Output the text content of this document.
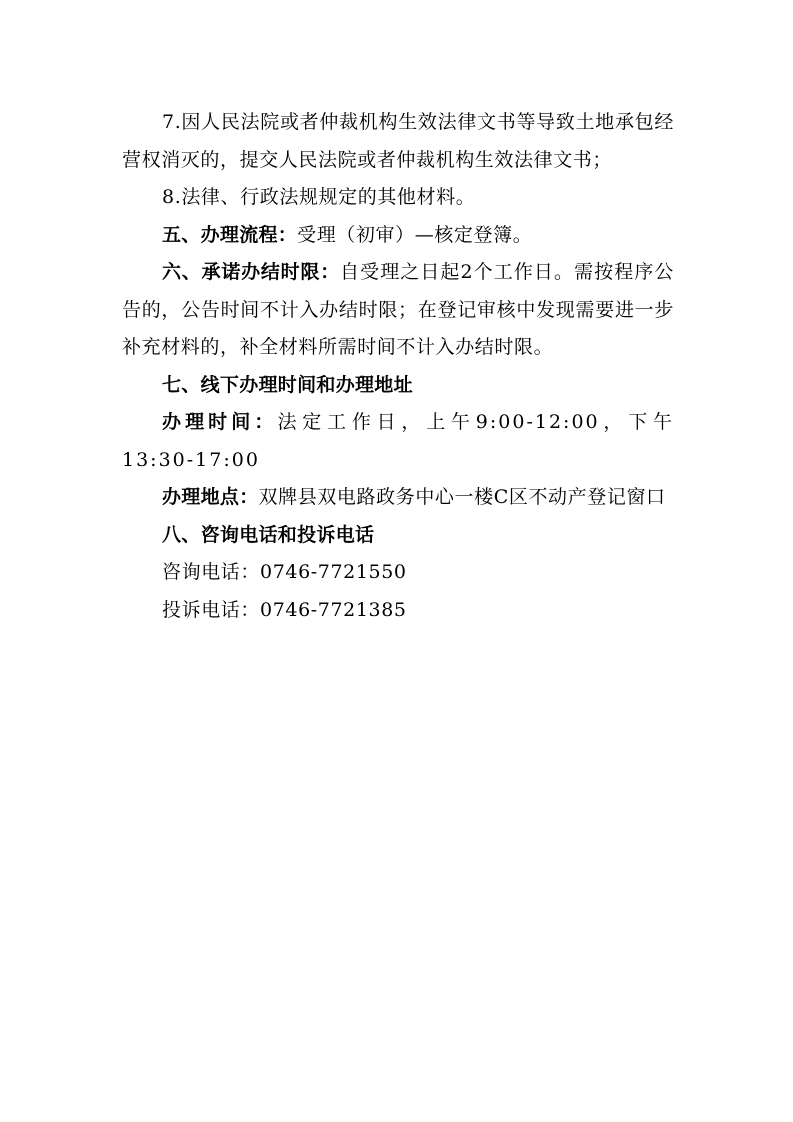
7.因人民法院或者仲裁机构生效法律文书等导致土地承包经营权消灭的，提交人民法院或者仲裁机构生效法律文书；

8.法律、行政法规规定的其他材料。

五、办理流程：受理（初审）—核定登簿。

六、承诺办结时限：自受理之日起2个工作日。需按程序公告的，公告时间不计入办结时限；在登记审核中发现需要进一步补充材料的，补全材料所需时间不计入办结时限。

七、线下办理时间和办理地址

办理时间：法定工作日，上午9:00-12:00，下午13:30-17:00

办理地点：双牌县双电路政务中心一楼C区不动产登记窗口

八、咨询电话和投诉电话

咨询电话：0746-7721550

投诉电话：0746-7721385
